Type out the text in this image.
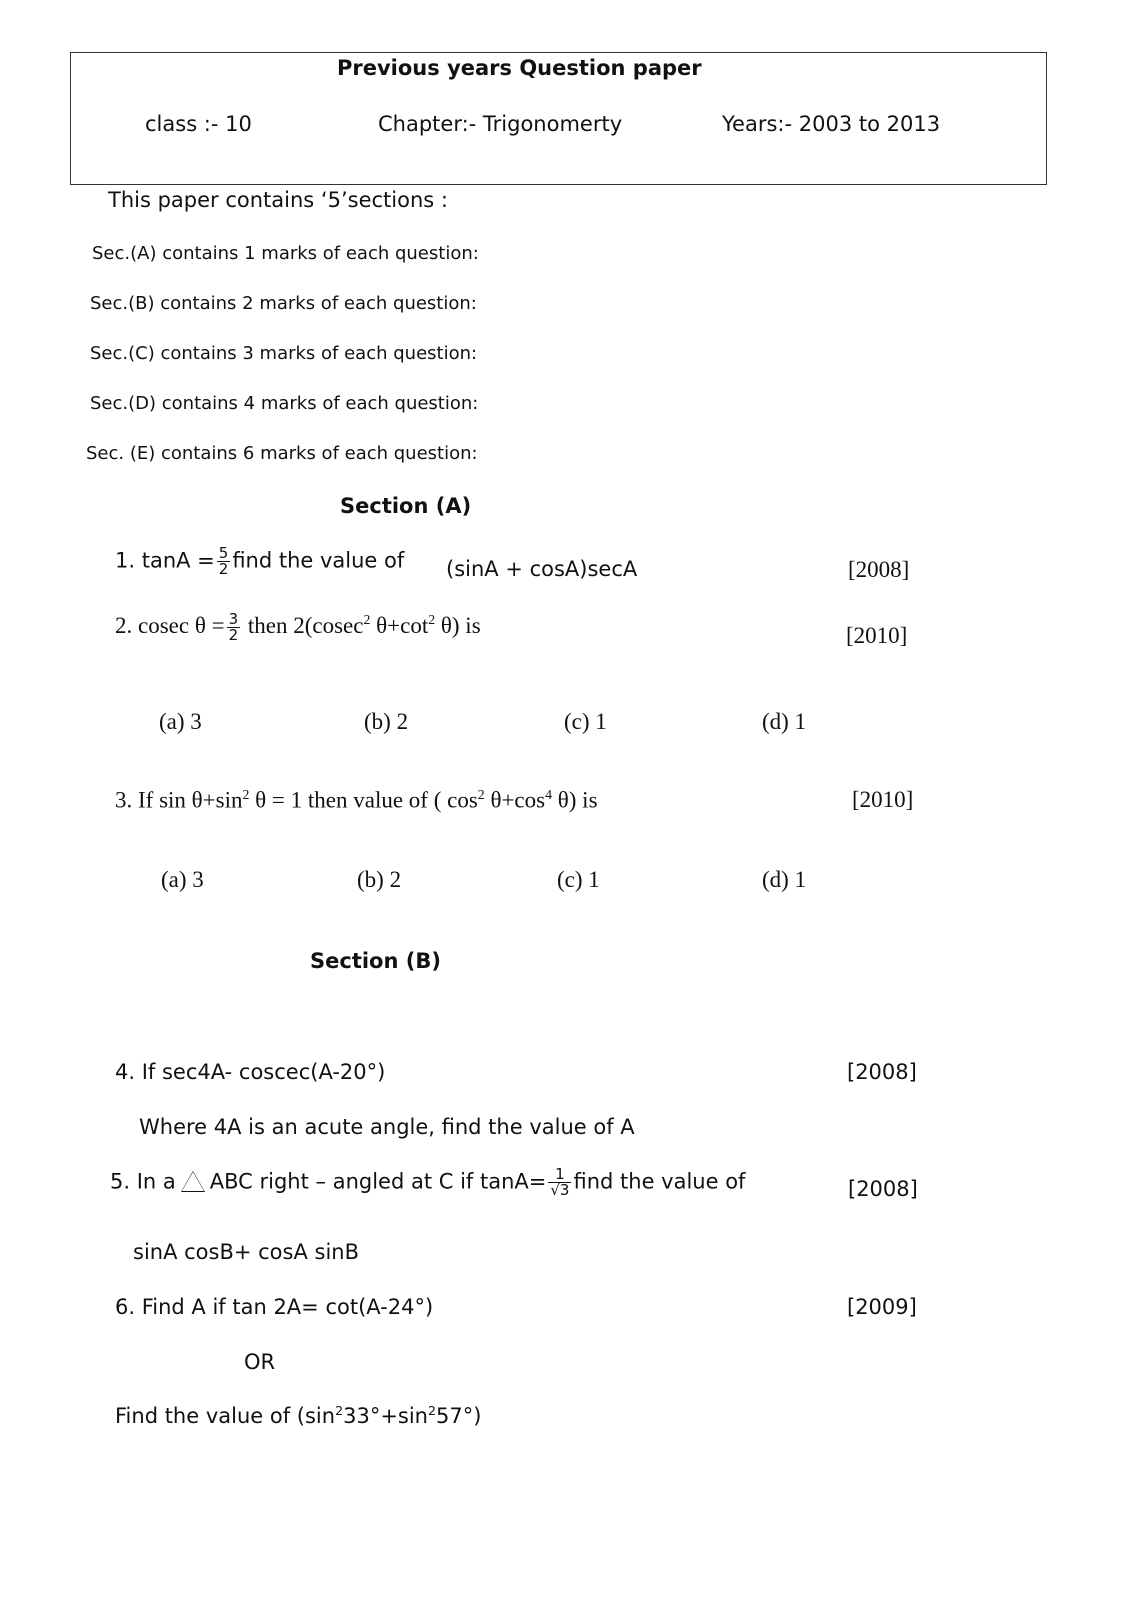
Previous years Question paper
class :- 10	Chapter:- Trigonomerty	Years:- 2003 to 2013
This paper contains ‘5’sections :
Sec.(A) contains 1 marks of each question:
Sec.(B) contains 2 marks of each question:
Sec.(C) contains 3 marks of each question:
Sec.(D) contains 4 marks of each question:
Sec. (E) contains 6 marks of each question:
Section (A)
1. $\tan A = \frac{5}{2}$ find the value of (sinA + cosA)secA	[2008]
2. cosec $\theta = \frac{3}{2}$ then 2(cosec$^2$ $\theta+\cot^2$ θ) is	[2010]
(a) 3	(b) 2	(c) 1	(d) 1
3. If $\sin \theta+\sin^2$ θ = 1 then value of ( $\cos^2 \theta+\cos^4$ θ) is	[2010]
(a) 3	(b) 2	(c) 1	(d) 1
Section (B)
4. If sec4A- coscec(A-20°)	[2008]
Where 4A is an acute angle, find the value of A
5. In a ABC right – angled at C if $\tan A= \frac{1}{√3}$ find the value of	[2008]
sinA cosB+ cosA sinB
6. Find A if tan 2A= cot(A-24°)	[2009]
OR
Find the value of $(\sin^233^\circ+\sin^257^\circ)$
